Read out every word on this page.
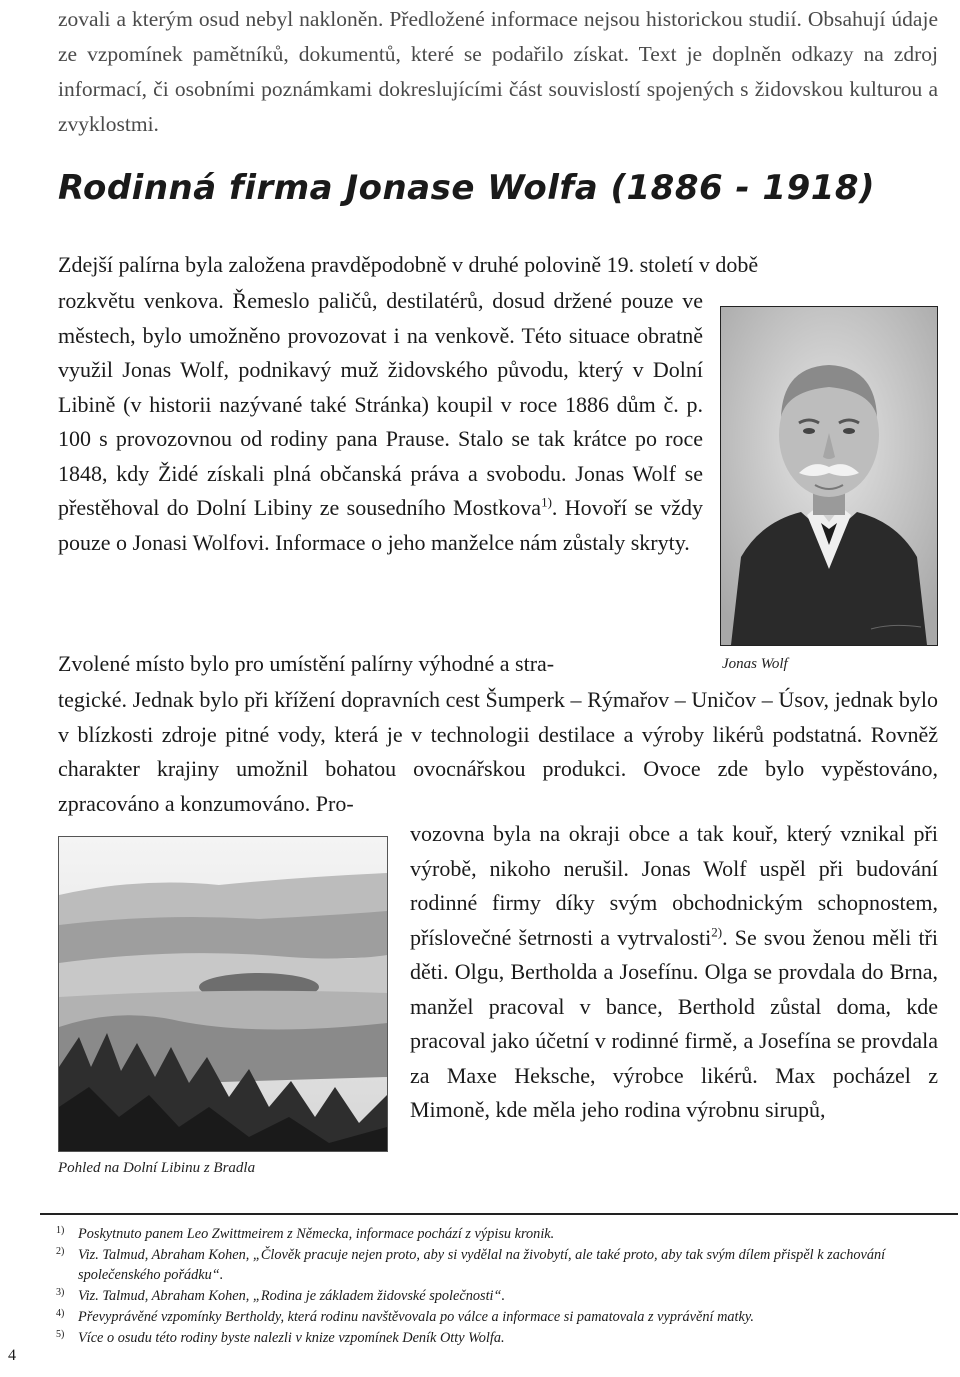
zovali a kterým osud nebyl nakloněn. Předložené informace nejsou historickou studií. Obsahují údaje ze vzpomínek pamětníků, dokumentů, které se podařilo získat. Text je doplněn odkazy na zdroj informací, či osobními poznámkami dokreslujícími část souvislostí spojených s židovskou kulturou a zvyklostmi.
Rodinná firma Jonase Wolfa (1886 - 1918)
Zdejší palírna byla založena pravděpodobně v druhé polovině 19. století v době
rozkvětu venkova. Řemeslo paličů, destilatérů, dosud držené pouze ve městech, bylo umožněno provozovat i na venkově. Této situace obratně využil Jonas Wolf, podnikavý muž židovského původu, který v Dolní Libině (v historii nazývané také Stránka) koupil v roce 1886 dům č. p. 100 s provozovnou od rodiny pana Prause. Stalo se tak krátce po roce 1848, kdy Židé získali plná občanská práva a svobodu. Jonas Wolf se přestěhoval do Dolní Libiny ze sousedního Mostkova$^{1)}$. Hovoří se vždy pouze o Jonasi Wolfovi. Informace o jeho manželce nám zůstaly skryty.
Jonas Wolf
Zvolené místo bylo pro umístění palírny výhodné a stra-
tegické. Jednak bylo při křížení dopravních cest Šumperk – Rýmařov – Uničov – Úsov, jednak bylo v blízkosti zdroje pitné vody, která je v technologii destilace a výroby likérů podstatná. Rovněž charakter krajiny umožnil bohatou ovocnářskou produkci. Ovoce zde bylo vypěstováno, zpracováno a konzumováno. Pro-
Pohled na Dolní Libinu z Bradla
vozovna byla na okraji obce a tak kouř, který vznikal při výrobě, nikoho nerušil. Jonas Wolf uspěl při budování rodinné firmy díky svým obchodnickým schopnostem, příslovečné šetrnosti a vytrvalosti$^{2)}$. Se svou ženou měli tři děti. Olgu, Bertholda a Josefínu. Olga se provdala do Brna, manžel pracoval v bance, Berthold zůstal doma, kde pracoval jako účetní v rodinné firmě, a Josefína se provdala za Maxe Heksche, výrobce likérů. Max pocházel z Mimoně, kde měla jeho rodina výrobnu sirupů,
1) Poskytnuto panem Leo Zwittmeirem z Německa, informace pochází z výpisu kronik.
2) Viz. Talmud, Abraham Kohen, „Člověk pracuje nejen proto, aby si vydělal na živobytí, ale také proto, aby tak svým dílem přispěl k zachování společenského pořádku“.
3) Viz. Talmud, Abraham Kohen, „Rodina je základem židovské společnosti“.
4) Převyprávěné vzpomínky Bertholdy, která rodinu navštěvovala po válce a informace si pamatovala z vyprávění matky.
5) Více o osudu této rodiny byste nalezli v knize vzpomínek Deník Otty Wolfa.
4
